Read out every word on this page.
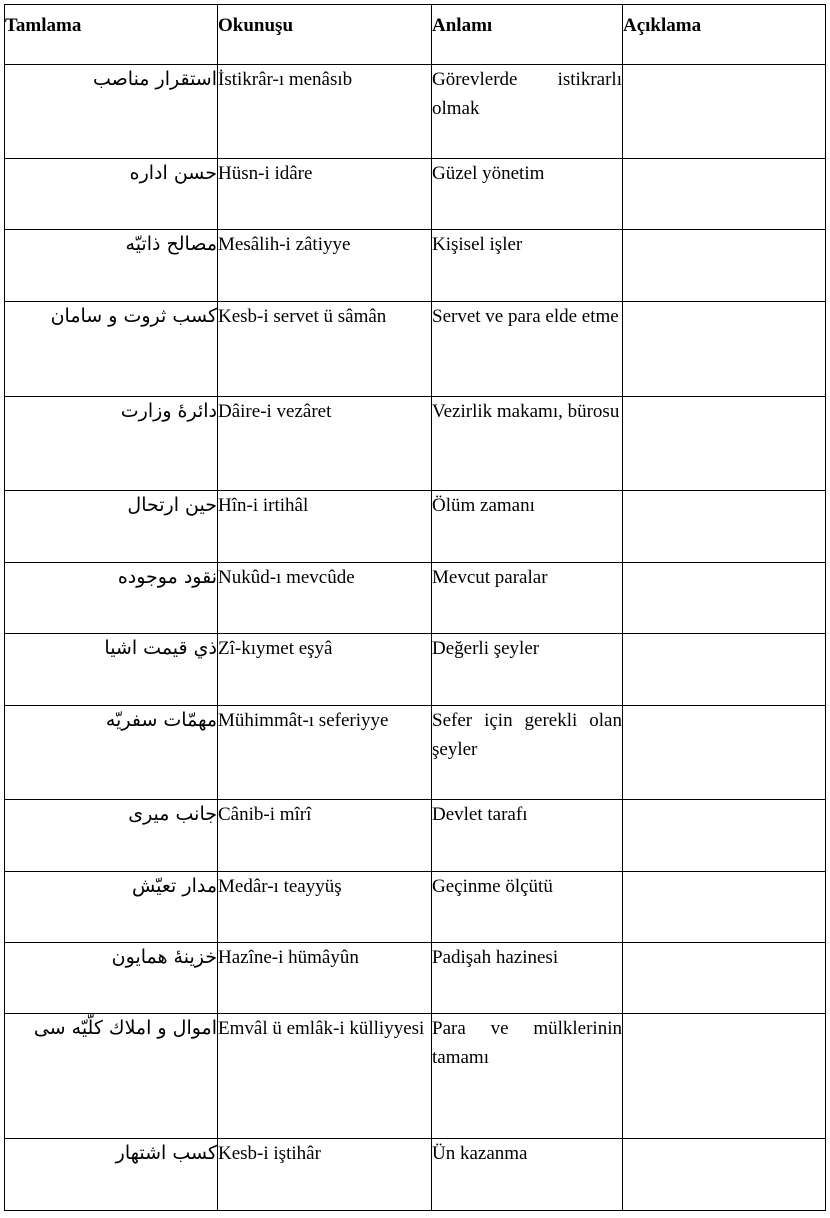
Tamlama	Okunuşu	Anlamı	Açıklama

استقرار مناصب	İstikrâr-ı menâsıb	Görevlerde istikrarlı olmak	

حسن اداره	Hüsn-i idâre	Güzel yönetim	

مصالح ذاتيّه	Mesâlih-i zâtiyye	Kişisel işler	

كسب ثروت و سامان	Kesb-i servet ü sâmân	Servet ve para elde etme	

دائرهٔ وزارت	Dâire-i vezâret	Vezirlik makamı, bürosu	

حين ارتحال	Hîn-i irtihâl	Ölüm zamanı	

نقود موجوده	Nukûd-ı mevcûde	Mevcut paralar	

ذي قيمت اشيا	Zî-kıymet eşyâ	Değerli şeyler	

مهمّات سفريّه	Mühimmât-ı seferiyye	Sefer için gerekli olan şeyler	

جانب ميرى	Cânib-i mîrî	Devlet tarafı	

مدار تعيّش	Medâr-ı teayyüş	Geçinme ölçütü	

خزينهٔ همايون	Hazîne-i hümâyûn	Padişah hazinesi	

اموال و املاك كلّيّه سى	Emvâl ü emlâk-i külliyyesi	Para ve mülklerinin tamamı	

كسب اشتهار	Kesb-i iştihâr	Ün kazanma	
